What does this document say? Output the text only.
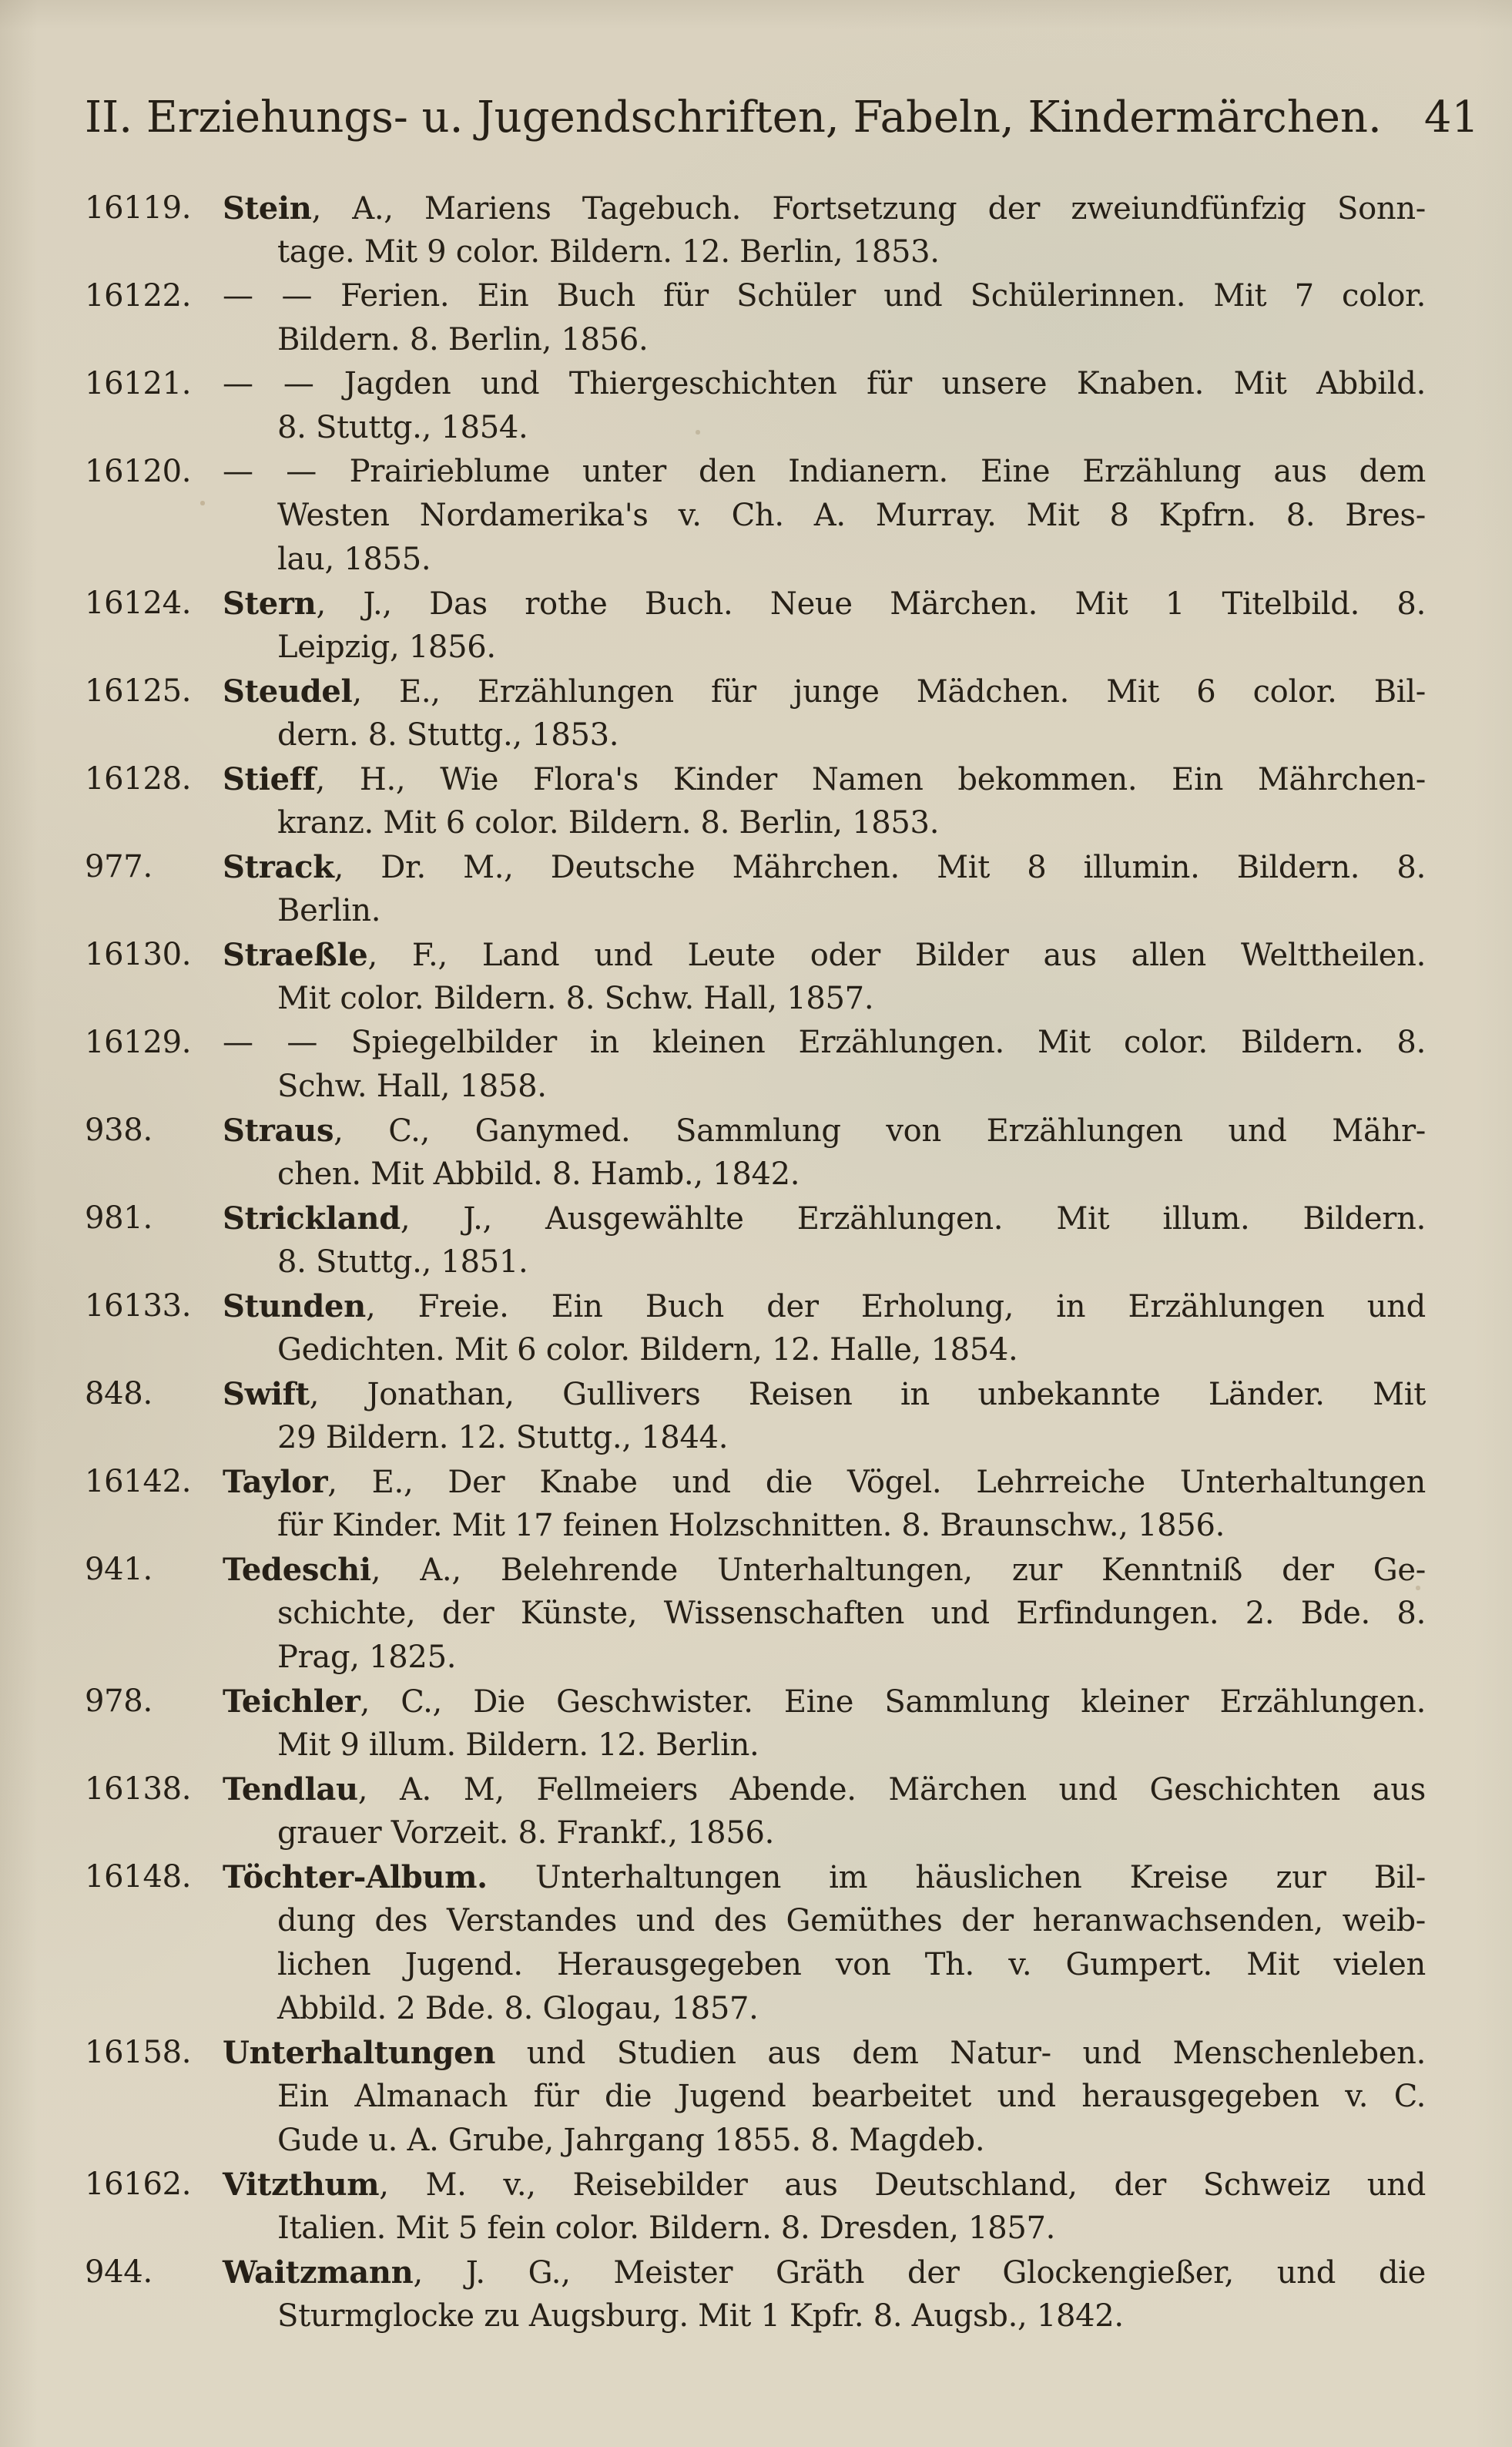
II. Erziehungs- u. Jugendschriften, Fabeln, Kindermärchen. 41
16119.	Stein, A., Mariens Tagebuch. Fortsetzung der zweiundfünfzig Sonn-
tage. Mit 9 color. Bildern. 12. Berlin, 1853.
16122.	— — Ferien. Ein Buch für Schüler und Schülerinnen. Mit 7 color.
Bildern. 8. Berlin, 1856.
16121.	— — Jagden und Thiergeschichten für unsere Knaben. Mit Abbild.
8. Stuttg., 1854.
16120.	— — Prairieblume unter den Indianern. Eine Erzählung aus dem
Westen Nordamerika's v. Ch. A. Murray. Mit 8 Kpfrn. 8. Bres-
lau, 1855.
16124.	Stern, J., Das rothe Buch. Neue Märchen. Mit 1 Titelbild. 8.
Leipzig, 1856.
16125.	Steudel, E., Erzählungen für junge Mädchen. Mit 6 color. Bil-
dern. 8. Stuttg., 1853.
16128.	Stieff, H., Wie Flora's Kinder Namen bekommen. Ein Mährchen-
kranz. Mit 6 color. Bildern. 8. Berlin, 1853.
977.	Strack, Dr. M., Deutsche Mährchen. Mit 8 illumin. Bildern. 8.
Berlin.
16130.	Straeßle, F., Land und Leute oder Bilder aus allen Welttheilen.
Mit color. Bildern. 8. Schw. Hall, 1857.
16129.	— — Spiegelbilder in kleinen Erzählungen. Mit color. Bildern. 8.
Schw. Hall, 1858.
938.	Straus, C., Ganymed. Sammlung von Erzählungen und Mähr-
chen. Mit Abbild. 8. Hamb., 1842.
981.	Strickland, J., Ausgewählte Erzählungen. Mit illum. Bildern.
8. Stuttg., 1851.
16133.	Stunden, Freie. Ein Buch der Erholung, in Erzählungen und
Gedichten. Mit 6 color. Bildern, 12. Halle, 1854.
848.	Swift, Jonathan, Gullivers Reisen in unbekannte Länder. Mit
29 Bildern. 12. Stuttg., 1844.
16142.	Taylor, E., Der Knabe und die Vögel. Lehrreiche Unterhaltungen
für Kinder. Mit 17 feinen Holzschnitten. 8. Braunschw., 1856.
941.	Tedeschi, A., Belehrende Unterhaltungen, zur Kenntniß der Ge-
schichte, der Künste, Wissenschaften und Erfindungen. 2. Bde. 8.
Prag, 1825.
978.	Teichler, C., Die Geschwister. Eine Sammlung kleiner Erzählungen.
Mit 9 illum. Bildern. 12. Berlin.
16138.	Tendlau, A. M, Fellmeiers Abende. Märchen und Geschichten aus
grauer Vorzeit. 8. Frankf., 1856.
16148.	Töchter-Album. Unterhaltungen im häuslichen Kreise zur Bil-
dung des Verstandes und des Gemüthes der heranwachsenden, weib-
lichen Jugend. Herausgegeben von Th. v. Gumpert. Mit vielen
Abbild. 2 Bde. 8. Glogau, 1857.
16158.	Unterhaltungen und Studien aus dem Natur- und Menschenleben.
Ein Almanach für die Jugend bearbeitet und herausgegeben v. C.
Gude u. A. Grube, Jahrgang 1855. 8. Magdeb.
16162.	Vitzthum, M. v., Reisebilder aus Deutschland, der Schweiz und
Italien. Mit 5 fein color. Bildern. 8. Dresden, 1857.
944.	Waitzmann, J. G., Meister Gräth der Glockengießer, und die
Sturmglocke zu Augsburg. Mit 1 Kpfr. 8. Augsb., 1842.
